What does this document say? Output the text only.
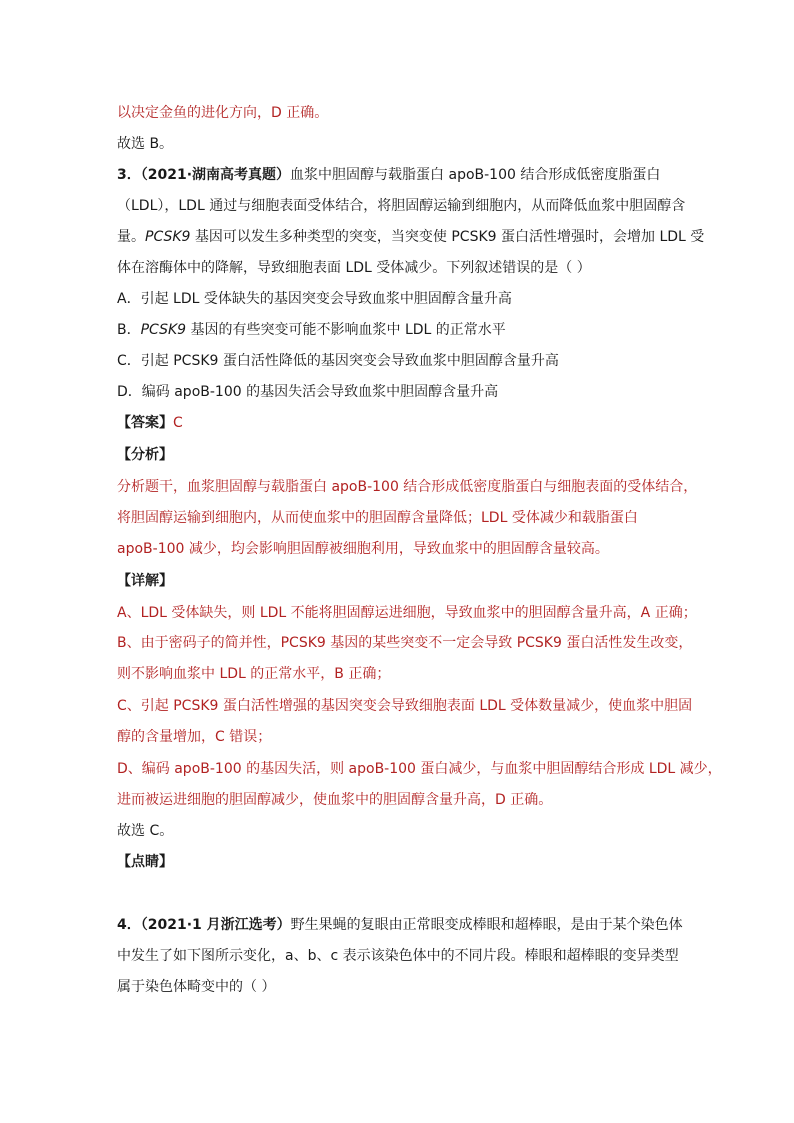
以决定金鱼的进化方向，D 正确。
故选 B。
3．（2021·湖南高考真题）血浆中胆固醇与载脂蛋白 apoB-100 结合形成低密度脂蛋白
（LDL），LDL 通过与细胞表面受体结合，将胆固醇运输到细胞内，从而降低血浆中胆固醇含
量。PCSK9 基因可以发生多种类型的突变，当突变使 PCSK9 蛋白活性增强时，会增加 LDL 受
体在溶酶体中的降解，导致细胞表面 LDL 受体减少。下列叙述错误的是（ ）
A．引起 LDL 受体缺失的基因突变会导致血浆中胆固醇含量升高
B．PCSK9 基因的有些突变可能不影响血浆中 LDL 的正常水平
C．引起 PCSK9 蛋白活性降低的基因突变会导致血浆中胆固醇含量升高
D．编码 apoB-100 的基因失活会导致血浆中胆固醇含量升高
【答案】C
【分析】
分析题干，血浆胆固醇与载脂蛋白 apoB-100 结合形成低密度脂蛋白与细胞表面的受体结合，
将胆固醇运输到细胞内，从而使血浆中的胆固醇含量降低；LDL 受体减少和载脂蛋白
apoB-100 减少，均会影响胆固醇被细胞利用，导致血浆中的胆固醇含量较高。
【详解】
A、LDL 受体缺失，则 LDL 不能将胆固醇运进细胞，导致血浆中的胆固醇含量升高，A 正确；
B、由于密码子的简并性，PCSK9 基因的某些突变不一定会导致 PCSK9 蛋白活性发生改变，
则不影响血浆中 LDL 的正常水平，B 正确；
C、引起 PCSK9 蛋白活性增强的基因突变会导致细胞表面 LDL 受体数量减少，使血浆中胆固
醇的含量增加，C 错误；
D、编码 apoB-100 的基因失活，则 apoB-100 蛋白减少，与血浆中胆固醇结合形成 LDL 减少，
进而被运进细胞的胆固醇减少，使血浆中的胆固醇含量升高，D 正确。
故选 C。
【点睛】
4．（2021·1 月浙江选考）野生果蝇的复眼由正常眼变成棒眼和超棒眼，是由于某个染色体
中发生了如下图所示变化，a、b、c 表示该染色体中的不同片段。棒眼和超棒眼的变异类型
属于染色体畸变中的（ ）
